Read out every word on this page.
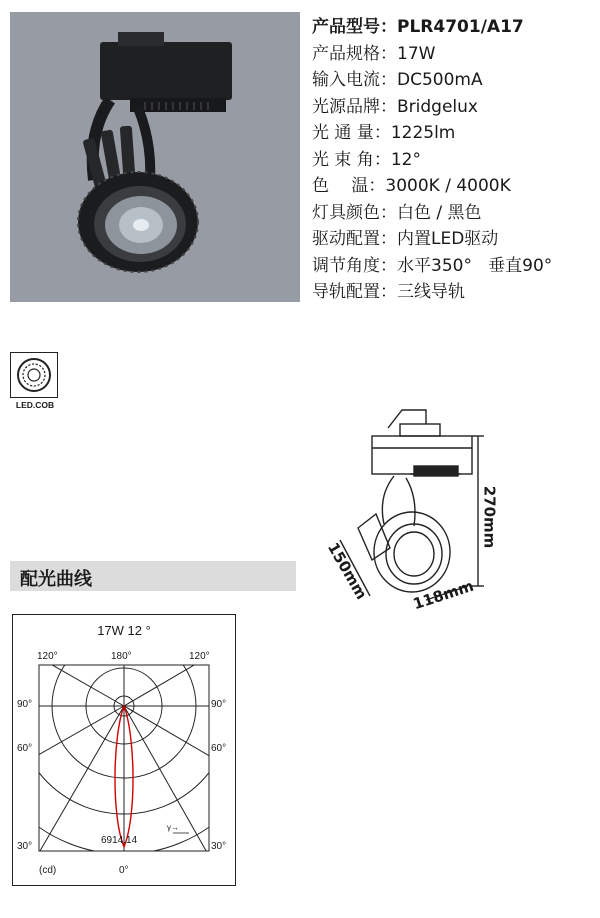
产品型号：PLR4701/A17
产品规格：17W
输入电流：DC500mA
光源品牌：Bridgelux
光 通 量：1225lm
光 束 角：12°
色　 温：3000K / 4000K
灯具颜色：白色 / 黑色
驱动配置：内置LED驱动
调节角度：水平350°   垂直90°
导轨配置：三线导轨
LED.COB
270mm
150mm	118mm
配光曲线
17W 12 °
120°	180°	120°
90°	90°
60°	60°
30°	30°
0°
(cd)
6914.14
γ→
